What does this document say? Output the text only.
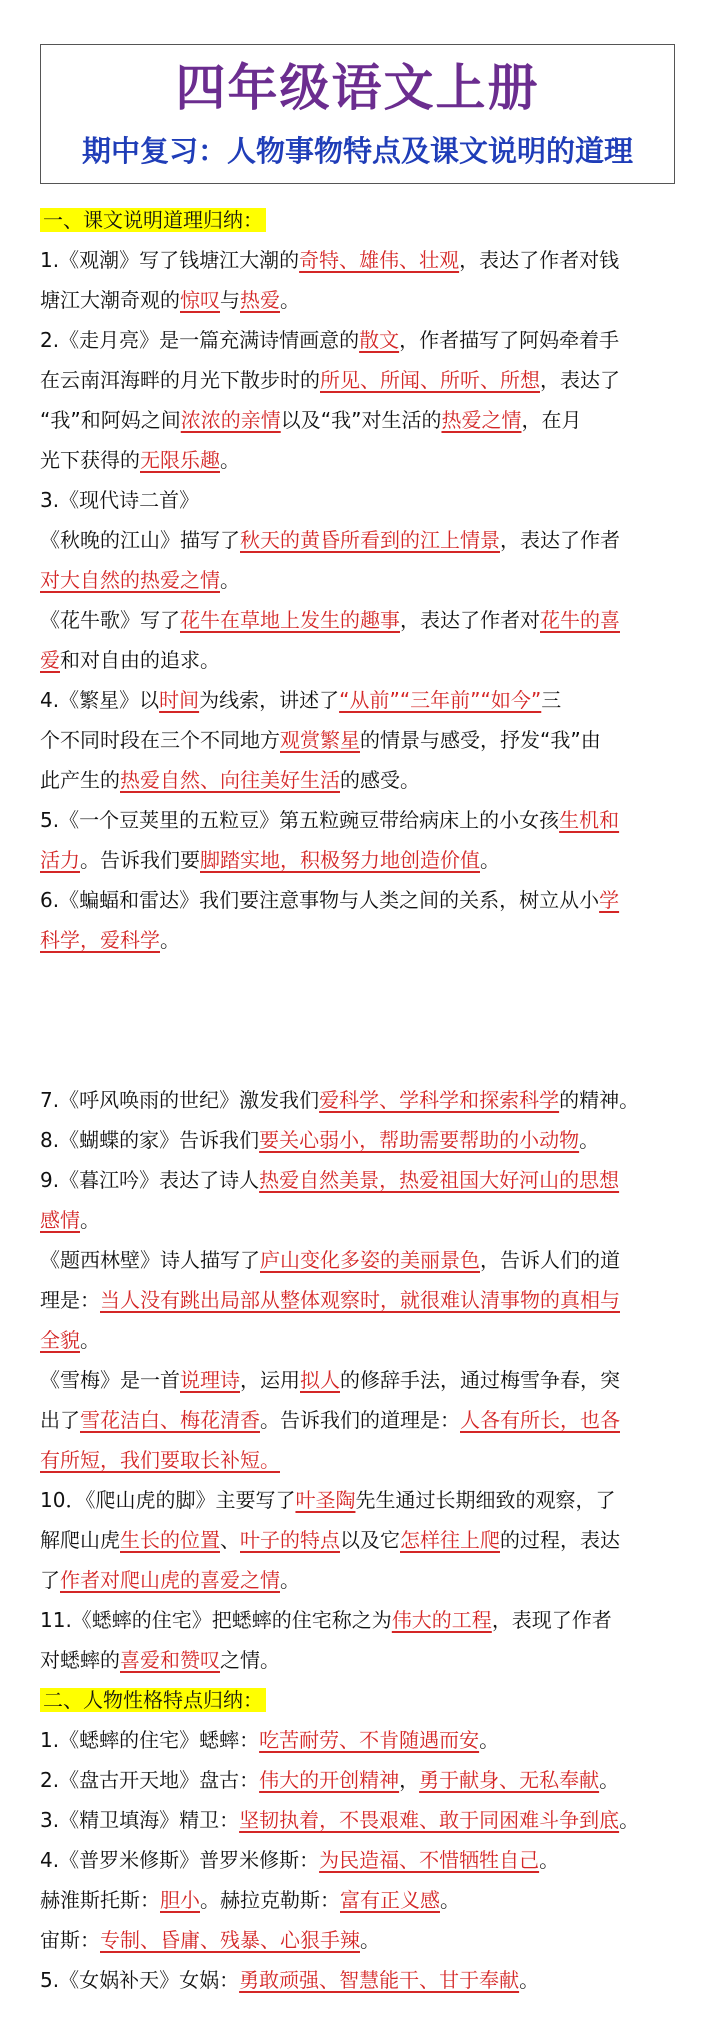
四年级语文上册
期中复习：人物事物特点及课文说明的道理

一、课文说明道理归纳：

1.《观潮》写了钱塘江大潮的奇特、雄伟、壮观，表达了作者对钱

塘江大潮奇观的惊叹与热爱。

2.《走月亮》是一篇充满诗情画意的散文，作者描写了阿妈牵着手

在云南洱海畔的月光下散步时的所见、所闻、所听、所想，表达了

“我”和阿妈之间浓浓的亲情以及“我”对生活的热爱之情，在月

光下获得的无限乐趣。

3.《现代诗二首》

《秋晚的江山》描写了秋天的黄昏所看到的江上情景，表达了作者

对大自然的热爱之情。

《花牛歌》写了花牛在草地上发生的趣事，表达了作者对花牛的喜

爱和对自由的追求。

4.《繁星》以时间为线索，讲述了“从前”“三年前”“如今”三

个不同时段在三个不同地方观赏繁星的情景与感受，抒发“我”由

此产生的热爱自然、向往美好生活的感受。

5.《一个豆荚里的五粒豆》第五粒豌豆带给病床上的小女孩生机和

活力。告诉我们要脚踏实地，积极努力地创造价值。

6.《蝙蝠和雷达》我们要注意事物与人类之间的关系，树立从小学

科学，爱科学。

7.《呼风唤雨的世纪》激发我们爱科学、学科学和探索科学的精神。

8.《蝴蝶的家》告诉我们要关心弱小，帮助需要帮助的小动物。

9.《暮江吟》表达了诗人热爱自然美景，热爱祖国大好河山的思想

感情。

《题西林壁》诗人描写了庐山变化多姿的美丽景色，告诉人们的道

理是：当人没有跳出局部从整体观察时，就很难认清事物的真相与

全貌。

《雪梅》是一首说理诗，运用拟人的修辞手法，通过梅雪争春，突

出了雪花洁白、梅花清香。告诉我们的道理是：人各有所长，也各

有所短，我们要取长补短。

10．《爬山虎的脚》主要写了叶圣陶先生通过长期细致的观察，了

解爬山虎生长的位置、叶子的特点以及它怎样往上爬的过程，表达

了作者对爬山虎的喜爱之情。

11.《蟋蟀的住宅》把蟋蟀的住宅称之为伟大的工程，表现了作者

对蟋蟀的喜爱和赞叹之情。

二、人物性格特点归纳：

1.《蟋蟀的住宅》蟋蟀：吃苦耐劳、不肯随遇而安。

2.《盘古开天地》盘古：伟大的开创精神，勇于献身、无私奉献。

3.《精卫填海》精卫：坚韧执着，不畏艰难、敢于同困难斗争到底。

4.《普罗米修斯》普罗米修斯：为民造福、不惜牺牲自己。

赫淮斯托斯：胆小。赫拉克勒斯：富有正义感。

宙斯：专制、昏庸、残暴、心狠手辣。

5.《女娲补天》女娲：勇敢顽强、智慧能干、甘于奉献。
